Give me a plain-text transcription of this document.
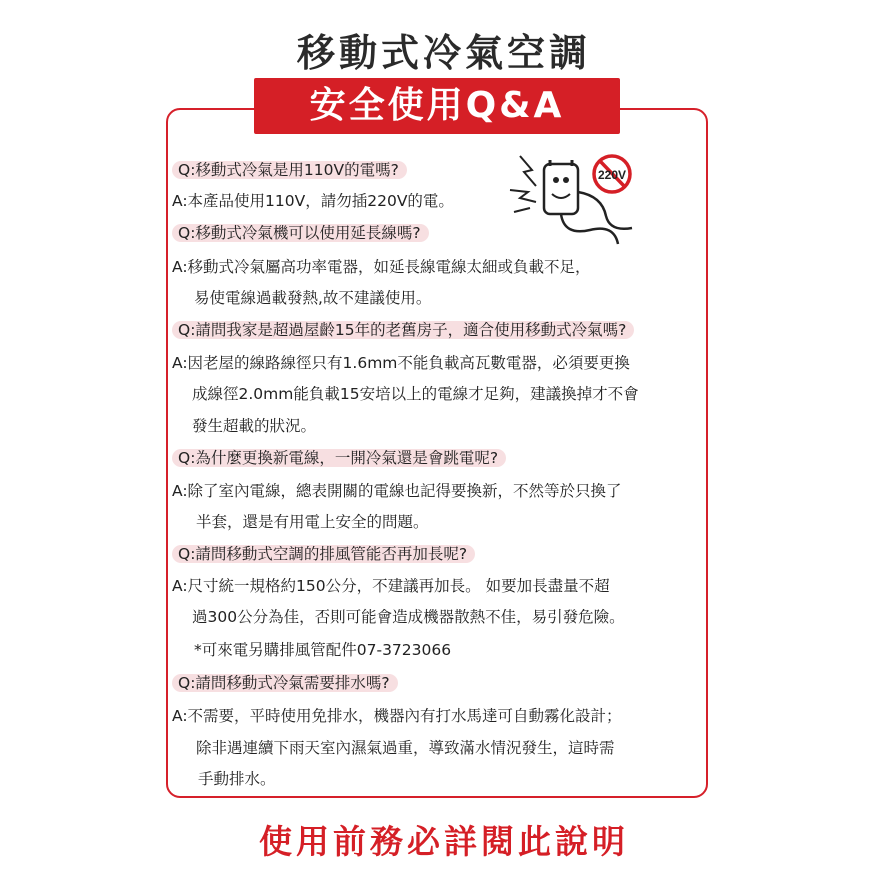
移動式冷氣空調
安全使用Q&A
Q:移動式冷氣是用110V的電嗎?
A:本產品使用110V，請勿插220V的電。
Q:移動式冷氣機可以使用延長線嗎?
A:移動式冷氣屬高功率電器，如延長線電線太細或負載不足，
易使電線過載發熱,故不建議使用。
Q:請問我家是超過屋齡15年的老舊房子，適合使用移動式冷氣嗎?
A:因老屋的線路線徑只有1.6mm不能負載高瓦數電器，必須要更換
成線徑2.0mm能負載15安培以上的電線才足夠，建議換掉才不會
發生超載的狀況。
Q:為什麼更換新電線，一開冷氣還是會跳電呢?
A:除了室內電線，總表開關的電線也記得要換新，不然等於只換了
半套，還是有用電上安全的問題。
Q:請問移動式空調的排風管能否再加長呢?
A:尺寸統一規格約150公分，不建議再加長。 如要加長盡量不超
過300公分為佳，否則可能會造成機器散熱不佳，易引發危險。
*可來電另購排風管配件07-3723066
Q:請問移動式冷氣需要排水嗎?
A:不需要，平時使用免排水，機器內有打水馬達可自動霧化設計；
除非遇連續下雨天室內濕氣過重，導致滿水情況發生，這時需
手動排水。
220V
使用前務必詳閱此說明
